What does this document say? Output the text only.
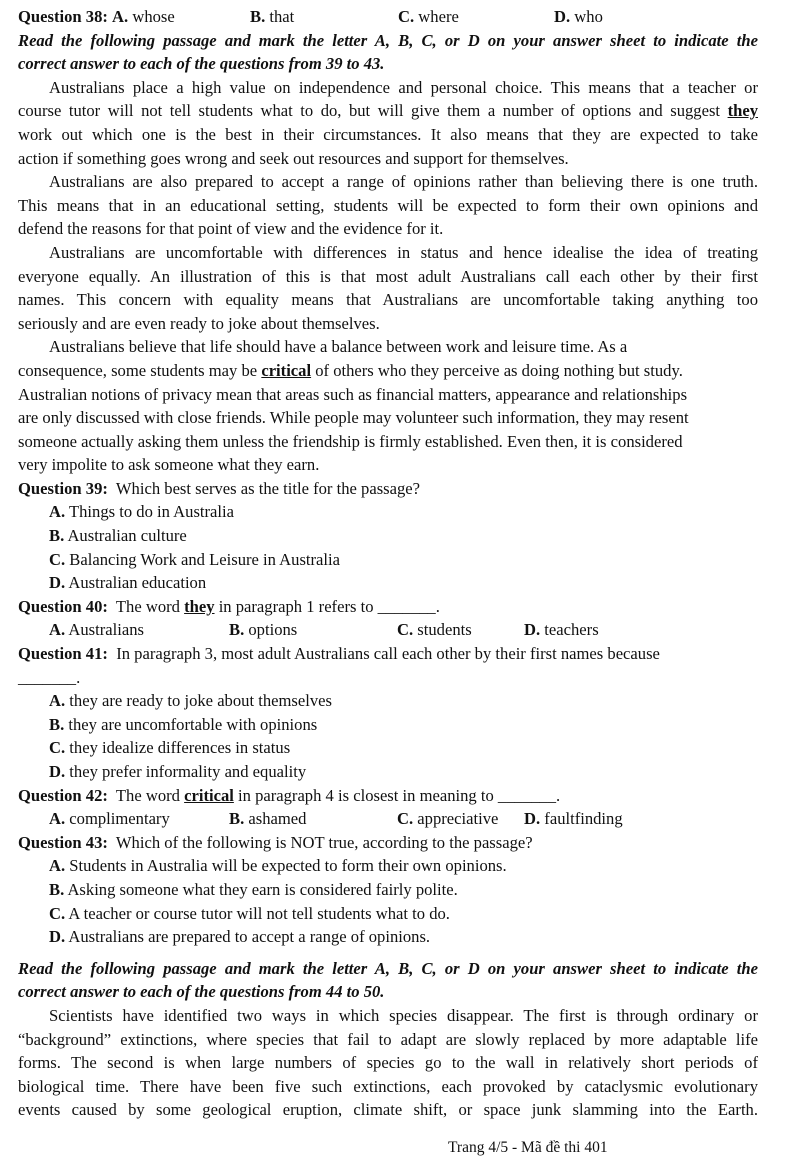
Question 38: A. whose	B. that	C. where	D. who
Read the following passage and mark the letter A, B, C, or D on your answer sheet to indicate the
correct answer to each of the questions from 39 to 43.
Australians place a high value on independence and personal choice. This means that a teacher or
course tutor will not tell students what to do, but will give them a number of options and suggest they
work out which one is the best in their circumstances. It also means that they are expected to take
action if something goes wrong and seek out resources and support for themselves.
Australians are also prepared to accept a range of opinions rather than believing there is one truth.
This means that in an educational setting, students will be expected to form their own opinions and
defend the reasons for that point of view and the evidence for it.
Australians are uncomfortable with differences in status and hence idealise the idea of treating
everyone equally. An illustration of this is that most adult Australians call each other by their first
names. This concern with equality means that Australians are uncomfortable taking anything too
seriously and are even ready to joke about themselves.
Australians believe that life should have a balance between work and leisure time. As a
consequence, some students may be critical of others who they perceive as doing nothing but study.
Australian notions of privacy mean that areas such as financial matters, appearance and relationships
are only discussed with close friends. While people may volunteer such information, they may resent
someone actually asking them unless the friendship is firmly established. Even then, it is considered
very impolite to ask someone what they earn.
Question 39: Which best serves as the title for the passage?
A. Things to do in Australia
B. Australian culture
C. Balancing Work and Leisure in Australia
D. Australian education
Question 40: The word they in paragraph 1 refers to _______.
A. Australians	B. options	C. students	D. teachers
Question 41: In paragraph 3, most adult Australians call each other by their first names because
_______.
A. they are ready to joke about themselves
B. they are uncomfortable with opinions
C. they idealize differences in status
D. they prefer informality and equality
Question 42: The word critical in paragraph 4 is closest in meaning to _______.
A. complimentary	B. ashamed	C. appreciative	D. faultfinding
Question 43: Which of the following is NOT true, according to the passage?
A. Students in Australia will be expected to form their own opinions.
B. Asking someone what they earn is considered fairly polite.
C. A teacher or course tutor will not tell students what to do.
D. Australians are prepared to accept a range of opinions.
Read the following passage and mark the letter A, B, C, or D on your answer sheet to indicate the
correct answer to each of the questions from 44 to 50.
Scientists have identified two ways in which species disappear. The first is through ordinary or
“background” extinctions, where species that fail to adapt are slowly replaced by more adaptable life
forms. The second is when large numbers of species go to the wall in relatively short periods of
biological time. There have been five such extinctions, each provoked by cataclysmic evolutionary
events caused by some geological eruption, climate shift, or space junk slamming into the Earth.
Trang 4/5 - Mã đề thi 401
